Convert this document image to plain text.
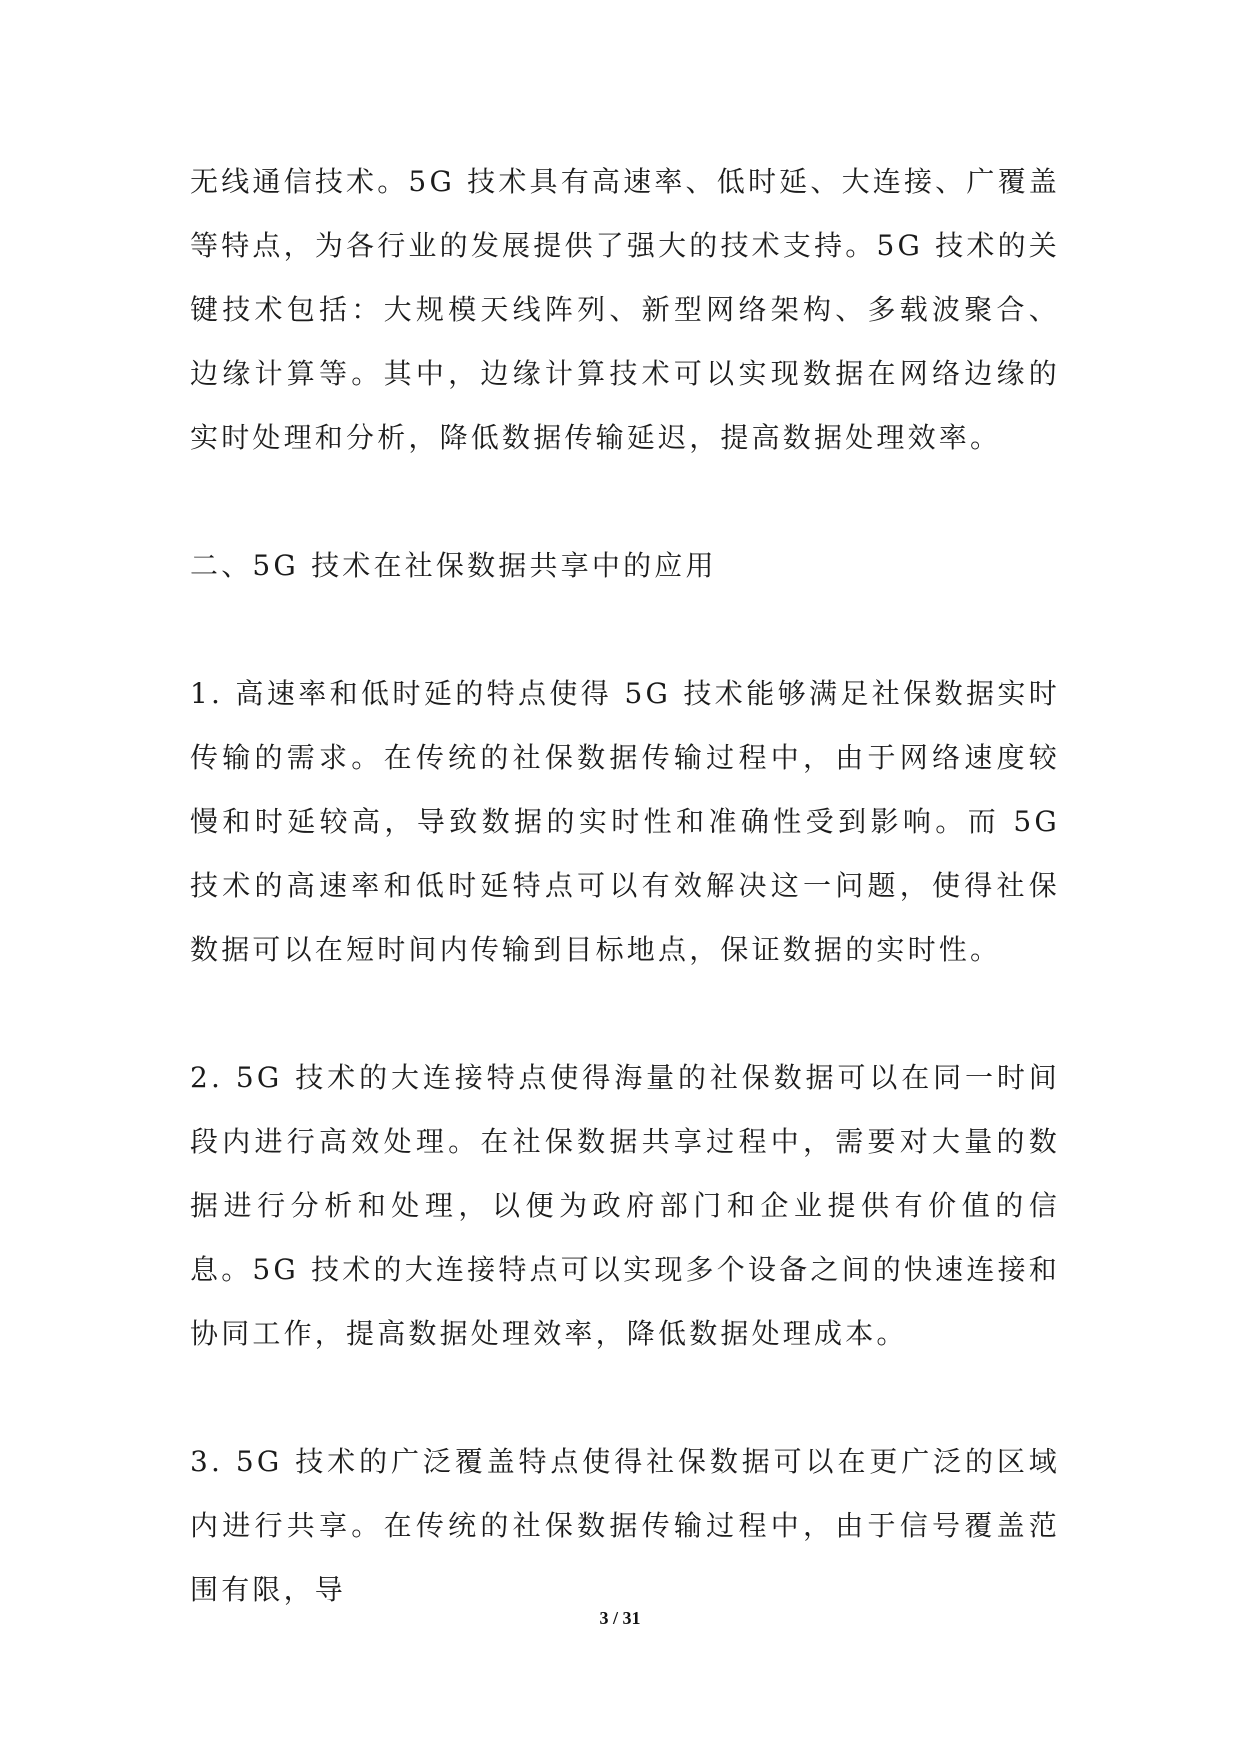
无线通信技术。5G 技术具有高速率、低时延、大连接、广覆盖等特点，为各行业的发展提供了强大的技术支持。5G 技术的关键技术包括：大规模天线阵列、新型网络架构、多载波聚合、边缘计算等。其中，边缘计算技术可以实现数据在网络边缘的实时处理和分析，降低数据传输延迟，提高数据处理效率。

二、5G 技术在社保数据共享中的应用

1. 高速率和低时延的特点使得 5G 技术能够满足社保数据实时传输的需求。在传统的社保数据传输过程中，由于网络速度较慢和时延较高，导致数据的实时性和准确性受到影响。而 5G 技术的高速率和低时延特点可以有效解决这一问题，使得社保数据可以在短时间内传输到目标地点，保证数据的实时性。

2. 5G 技术的大连接特点使得海量的社保数据可以在同一时间段内进行高效处理。在社保数据共享过程中，需要对大量的数据进行分析和处理，以便为政府部门和企业提供有价值的信息。5G 技术的大连接特点可以实现多个设备之间的快速连接和协同工作，提高数据处理效率，降低数据处理成本。

3. 5G 技术的广泛覆盖特点使得社保数据可以在更广泛的区域内进行共享。在传统的社保数据传输过程中，由于信号覆盖范围有限，导

3 / 31
